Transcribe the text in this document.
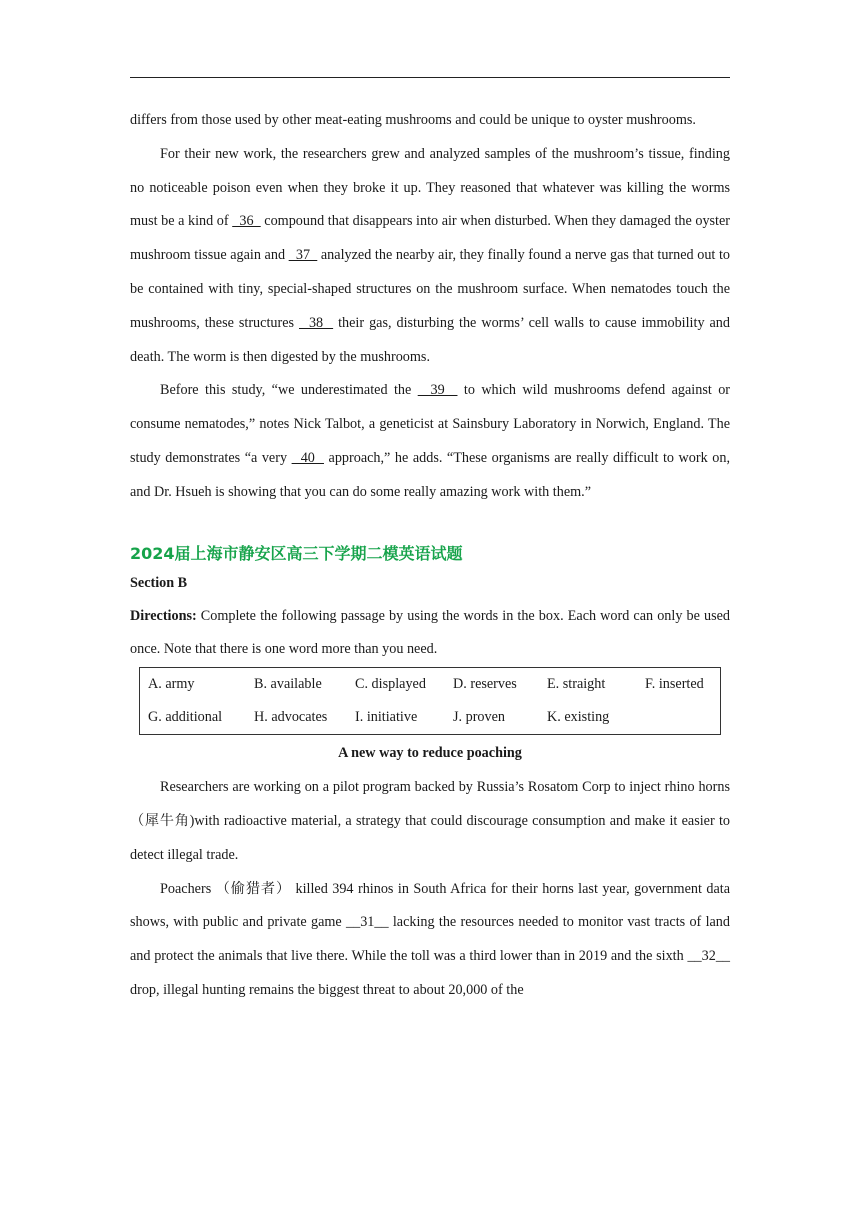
differs from those used by other meat-eating mushrooms and could be unique to oyster mushrooms.

For their new work, the researchers grew and analyzed samples of the mushroom’s tissue, finding no noticeable poison even when they broke it up. They reasoned that whatever was killing the worms must be a kind of   36   compound that disappears into air when disturbed. When they damaged the oyster mushroom tissue again and   37   analyzed the nearby air, they finally found a nerve gas that turned out to be contained with tiny, special-shaped structures on the mushroom surface. When nematodes touch the mushrooms, these structures   38   their gas, disturbing the worms’ cell walls to cause immobility and death. The worm is then digested by the mushrooms.

Before this study, “we underestimated the   39   to which wild mushrooms defend against or consume nematodes,” notes Nick Talbot, a geneticist at Sainsbury Laboratory in Norwich, England. The study demonstrates “a very   40   approach,” he adds. “These organisms are really difficult to work on, and Dr. Hsueh is showing that you can do some really amazing work with them.”

2024届上海市静安区高三下学期二模英语试题
Section B

Directions: Complete the following passage by using the words in the box. Each word can only be used once. Note that there is one word more than you need.

A. army	B. available	C. displayed	D. reserves	E. straight	F. inserted
G. additional	H. advocates	I. initiative	J. proven	K. existing	
A new way to reduce poaching

Researchers are working on a pilot program backed by Russia’s Rosatom Corp to inject rhino horns（犀牛角)with radioactive material, a strategy that could discourage consumption and make it easier to detect illegal trade.

Poachers （偷猎者） killed 394 rhinos in South Africa for their horns last year, government data shows, with public and private game __31__ lacking the resources needed to monitor vast tracts of land and protect the animals that live there. While the toll was a third lower than in 2019 and the sixth __32__ drop, illegal hunting remains the biggest threat to about 20,000 of the
